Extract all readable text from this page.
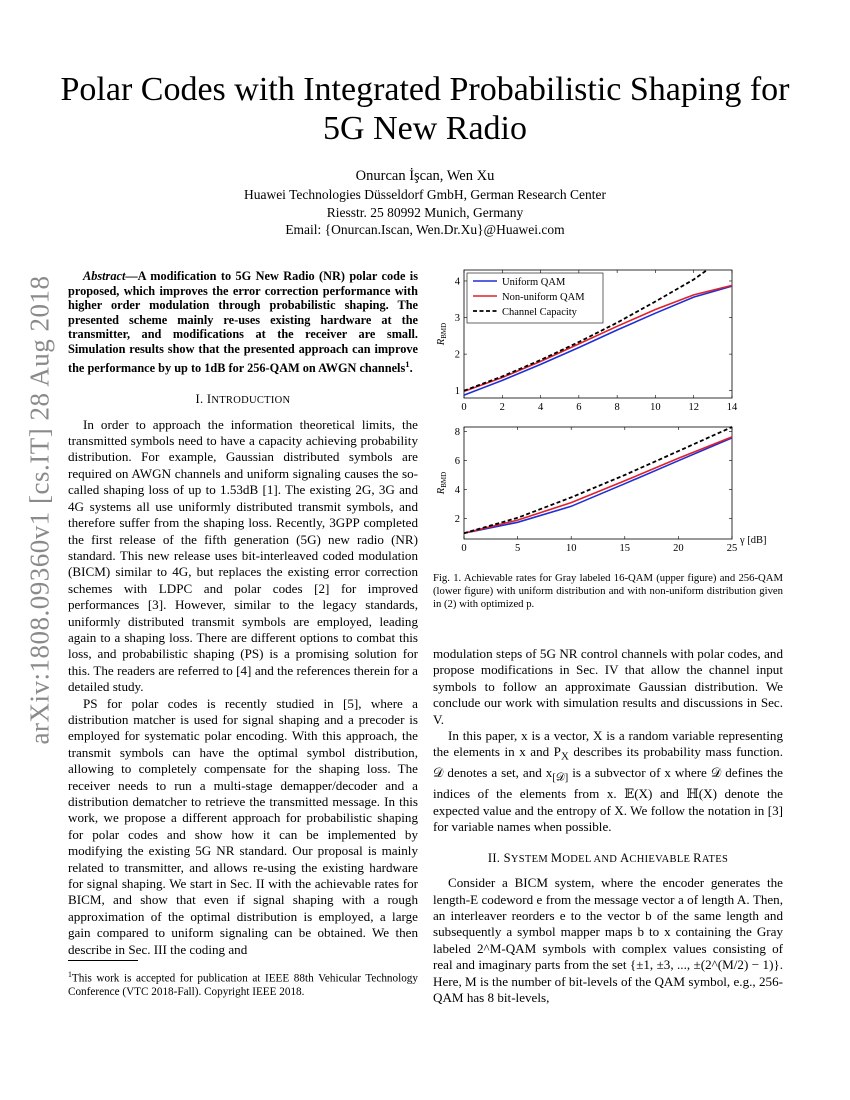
arXiv:1808.09360v1 [cs.IT] 28 Aug 2018
Polar Codes with Integrated Probabilistic Shaping for 5G New Radio
Onurcan İşcan, Wen Xu
Huawei Technologies Düsseldorf GmbH, German Research Center
Riesstr. 25 80992 Munich, Germany
Email: {Onurcan.Iscan, Wen.Dr.Xu}@Huawei.com

Abstract—A modification to 5G New Radio (NR) polar code is proposed, which improves the error correction performance with higher order modulation through probabilistic shaping. The presented scheme mainly re-uses existing hardware at the transmitter, and modifications at the receiver are small. Simulation results show that the presented approach can improve the performance by up to 1dB for 256-QAM on AWGN channels$^1$.

I. INTRODUCTION

In order to approach the information theoretical limits, the transmitted symbols need to have a capacity achieving probability distribution. For example, Gaussian distributed symbols are required on AWGN channels and uniform signaling causes the so-called shaping loss of up to 1.53dB [1]. The existing 2G, 3G and 4G systems all use uniformly distributed transmit symbols, and therefore suffer from the shaping loss. Recently, 3GPP completed the first release of the fifth generation (5G) new radio (NR) standard. This new release uses bit-interleaved coded modulation (BICM) similar to 4G, but replaces the existing error correction schemes with LDPC and polar codes [2] for improved performances [3]. However, similar to the legacy standards, uniformly distributed transmit symbols are employed, leading again to a shaping loss. There are different options to combat this loss, and probabilistic shaping (PS) is a promising solution for this. The readers are referred to [4] and the references therein for a detailed study.

PS for polar codes is recently studied in [5], where a distribution matcher is used for signal shaping and a precoder is employed for systematic polar encoding. With this approach, the transmit symbols can have the optimal symbol distribution, allowing to completely compensate for the shaping loss. The receiver needs to run a multi-stage demapper/decoder and a distribution dematcher to retrieve the transmitted message. In this work, we propose a different approach for probabilistic shaping for polar codes and show how it can be implemented by modifying the existing 5G NR standard. Our proposal is mainly related to transmitter, and allows re-using the existing hardware for signal shaping. We start in Sec. II with the achievable rates for BICM, and show that even if signal shaping with a rough approximation of the optimal distribution is employed, a large gain compared to uniform signaling can be obtained. We then describe in Sec. III the coding and

$^1$This work is accepted for publication at IEEE 88th Vehicular Technology Conference (VTC 2018-Fall). Copyright IEEE 2018.
0	2	4	6	8	10	12	14
1
2
3
4
RBMD
Uniform QAM
Non-uniform QAM
Channel Capacity
0	5	10	15	20	25
2
4
6
8
RBMD
γ [dB]
Fig. 1. Achievable rates for Gray labeled 16-QAM (upper figure) and 256-QAM (lower figure) with uniform distribution and with non-uniform distribution given in (2) with optimized p.

modulation steps of 5G NR control channels with polar codes, and propose modifications in Sec. IV that allow the channel input symbols to follow an approximate Gaussian distribution. We conclude our work with simulation results and discussions in Sec. V.

In this paper, x is a vector, X is a random variable representing the elements in x and $P_X$ describes its probability mass function. 𝒟 denotes a set, and $x_{[𝒟]}$ is a subvector of x where 𝒟 defines the indices of the elements from x. 𝔼(X) and ℍ(X) denote the expected value and the entropy of X. We follow the notation in [3] for variable names when possible.

II. SYSTEM MODEL AND ACHIEVABLE RATES

Consider a BICM system, where the encoder generates the length-E codeword e from the message vector a of length A. Then, an interleaver reorders e to the vector b of the same length and subsequently a symbol mapper maps b to x containing the Gray labeled 2^M-QAM symbols with complex values consisting of real and imaginary parts from the set {±1, ±3, ..., ±(2^(M/2) − 1)}. Here, M is the number of bit-levels of the QAM symbol, e.g., 256-QAM has 8 bit-levels,
